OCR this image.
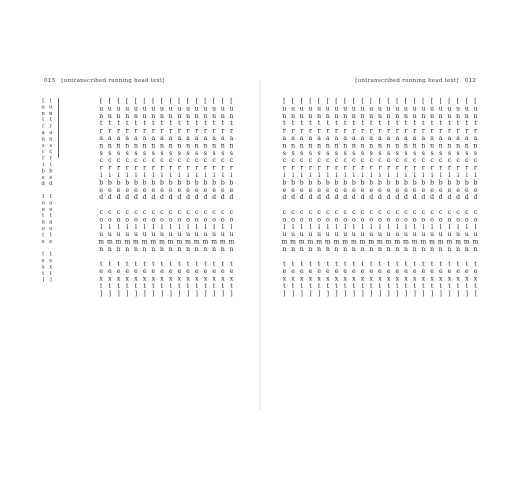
013 [untranscribed running head text]
[untranscribed column text]
[untranscribed column text]
[untranscribed column text]
[untranscribed column text]
[untranscribed column text]
[untranscribed column text]
[untranscribed column text]
[untranscribed column text]
[untranscribed column text]
[untranscribed column text]
[untranscribed column text]
[untranscribed column text]
[untranscribed column text]
[untranscribed column text]
[untranscribed column text]
[untranscribed column text]
[untranscribed footnote text]
[untranscribed footnote text]
[untranscribed running head text] 012
[untranscribed column text]
[untranscribed column text]
[untranscribed column text]
[untranscribed column text]
[untranscribed column text]
[untranscribed column text]
[untranscribed column text]
[untranscribed column text]
[untranscribed column text]
[untranscribed column text]
[untranscribed column text]
[untranscribed column text]
[untranscribed column text]
[untranscribed column text]
[untranscribed column text]
[untranscribed column text]
[untranscribed column text]
[untranscribed column text]
[untranscribed column text]
[untranscribed column text]
[untranscribed column text]
[untranscribed column text]
[untranscribed column text]
